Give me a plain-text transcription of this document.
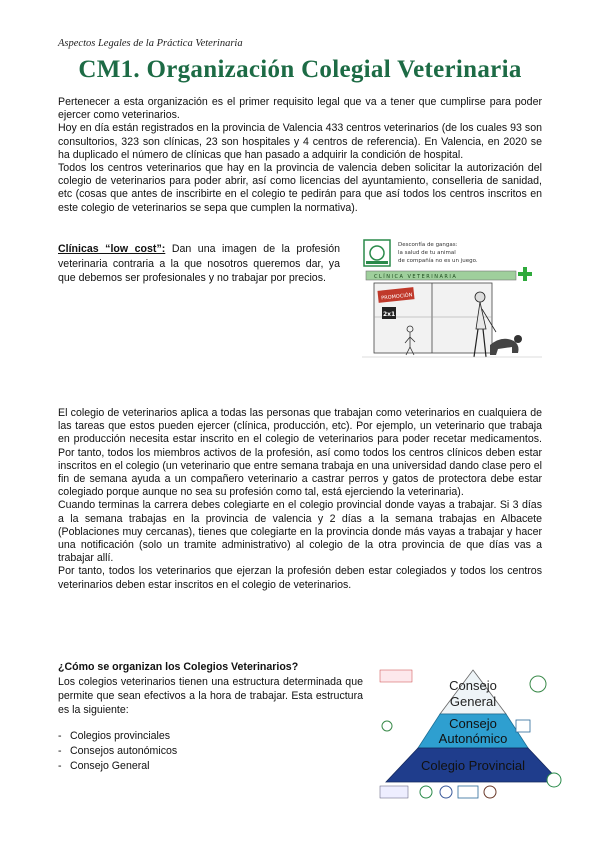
Aspectos Legales de la Práctica Veterinaria
CM1. Organización Colegial Veterinaria
Pertenecer a esta organización es el primer requisito legal que va a tener que cumplirse para poder ejercer como veterinarios.
Hoy en día están registrados en la provincia de Valencia 433 centros veterinarios (de los cuales 93 son consultorios, 323 son clínicas, 23 son hospitales y 4 centros de referencia). En Valencia, en 2020 se ha duplicado el número de clínicas que han pasado a adquirir la condición de hospital.
Todos los centros veterinarios que hay en la provincia de valencia deben solicitar la autorización del colegio de veterinarios para poder abrir, así como licencias del ayuntamiento, conselleria de sanidad, etc (cosas que antes de inscribirte en el colegio te pedirán para que así todos los centros inscritos en este colegio de veterinarios se sepa que cumplen la normativa).
Clínicas “low cost”: Dan una imagen de la profesión veterinaria contraria a la que nosotros queremos dar, ya que debemos ser profesionales y no trabajar por precios.
Desconfía de gangas:
la salud de tu animal
de compañía no es un juego.
CLÍNICA VETERINARIA
PROMOCIÓN
2x1
El colegio de veterinarios aplica a todas las personas que trabajan como veterinarios en cualquiera de las tareas que estos pueden ejercer (clínica, producción, etc). Por ejemplo, un veterinario que trabaja en producción necesita estar inscrito en el colegio de veterinarios para poder recetar medicamentos. Por tanto, todos los miembros activos de la profesión, así como todos los centros clínicos deben estar inscritos en el colegio (un veterinario que entre semana trabaja en una universidad dando clase pero el fin de semana ayuda a un compañero veterinario a castrar perros y gatos de protectora debe estar colegiado porque aunque no sea su profesión como tal, está ejerciendo la veterinaria).
Cuando terminas la carrera debes colegiarte en el colegio provincial donde vayas a trabajar. Si 3 días a la semana trabajas en la provincia de valencia y 2 días a la semana trabajas en Albacete (Poblaciones muy cercanas), tienes que colegiarte en la provincia donde más vayas a trabajar y hacer una notificación (solo un tramite administrativo) al colegio de la otra provincia de que días vas a trabajar allí.
Por tanto, todos los veterinarios que ejerzan la profesión deben estar colegiados y todos los centros veterinarios deben estar inscritos en el colegio de veterinarios.
¿Cómo se organizan los Colegios Veterinarios?
Los colegios veterinarios tienen una estructura determinada que permite que sean efectivos a la hora de trabajar. Esta estructura es la siguiente:
- Colegios provinciales
- Consejos autonómicos
- Consejo General
Consejo
General
Consejo
Autonómico
Colegio Provincial
